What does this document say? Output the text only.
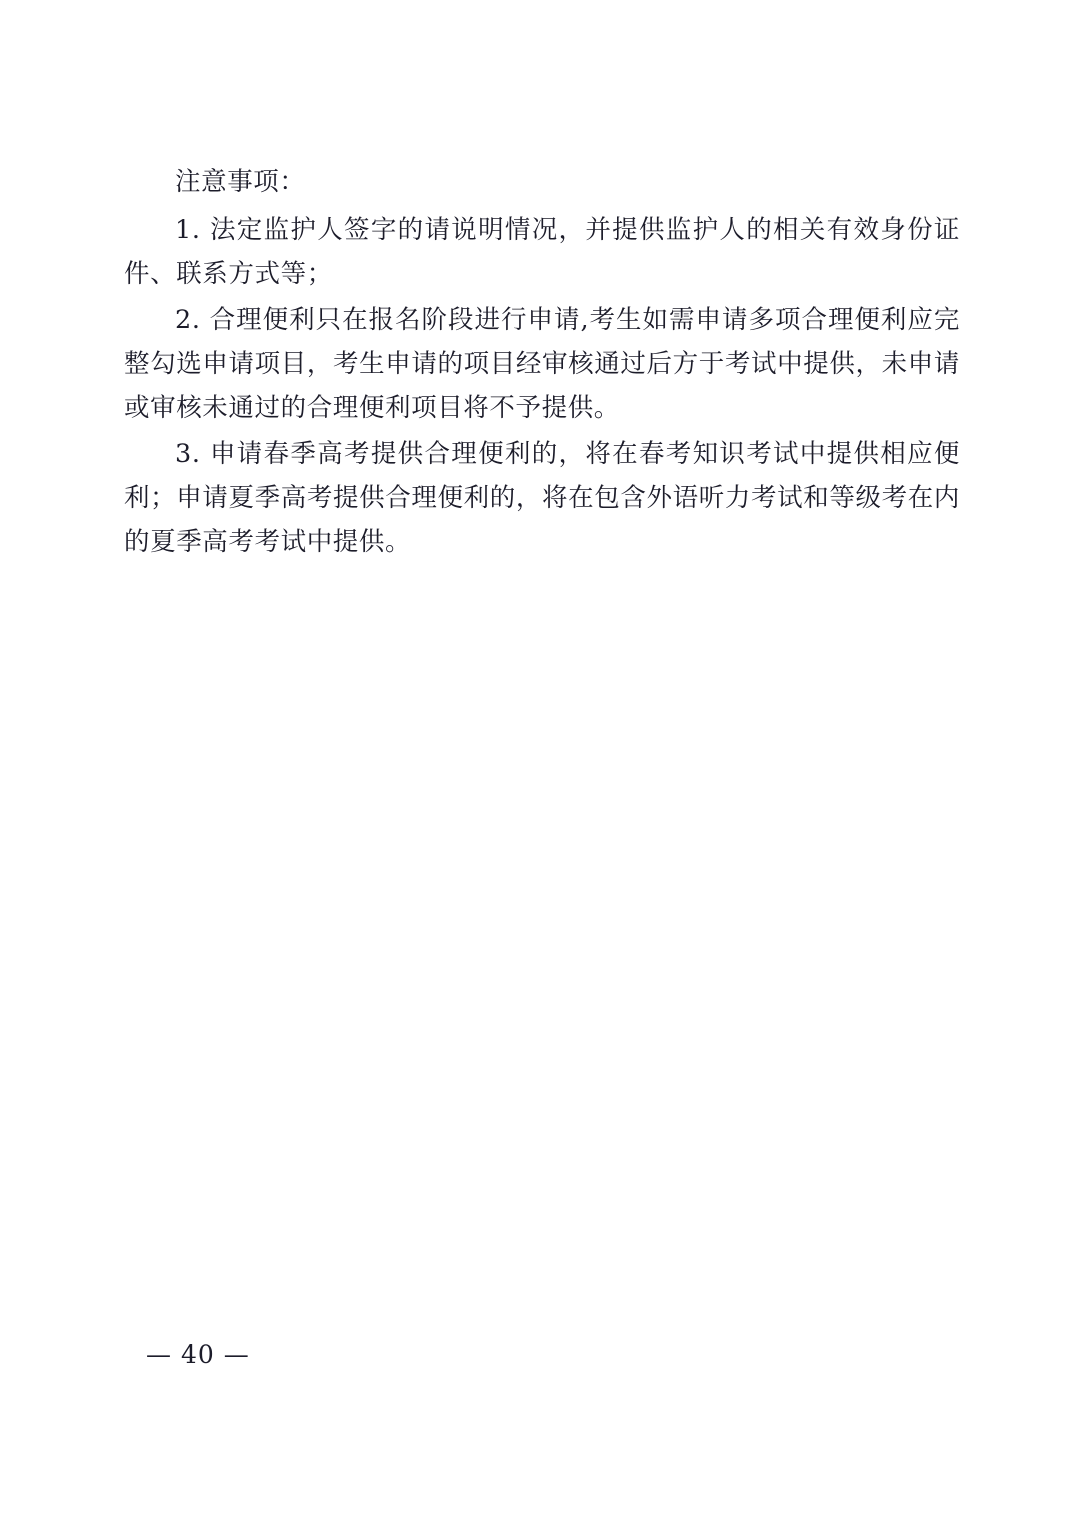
注意事项：

1. 法定监护人签字的请说明情况，并提供监护人的相关有效身份证件、联系方式等；

2. 合理便利只在报名阶段进行申请,考生如需申请多项合理便利应完整勾选申请项目，考生申请的项目经审核通过后方于考试中提供，未申请或审核未通过的合理便利项目将不予提供。

3. 申请春季高考提供合理便利的，将在春考知识考试中提供相应便利；申请夏季高考提供合理便利的，将在包含外语听力考试和等级考在内的夏季高考考试中提供。

— 40 —
